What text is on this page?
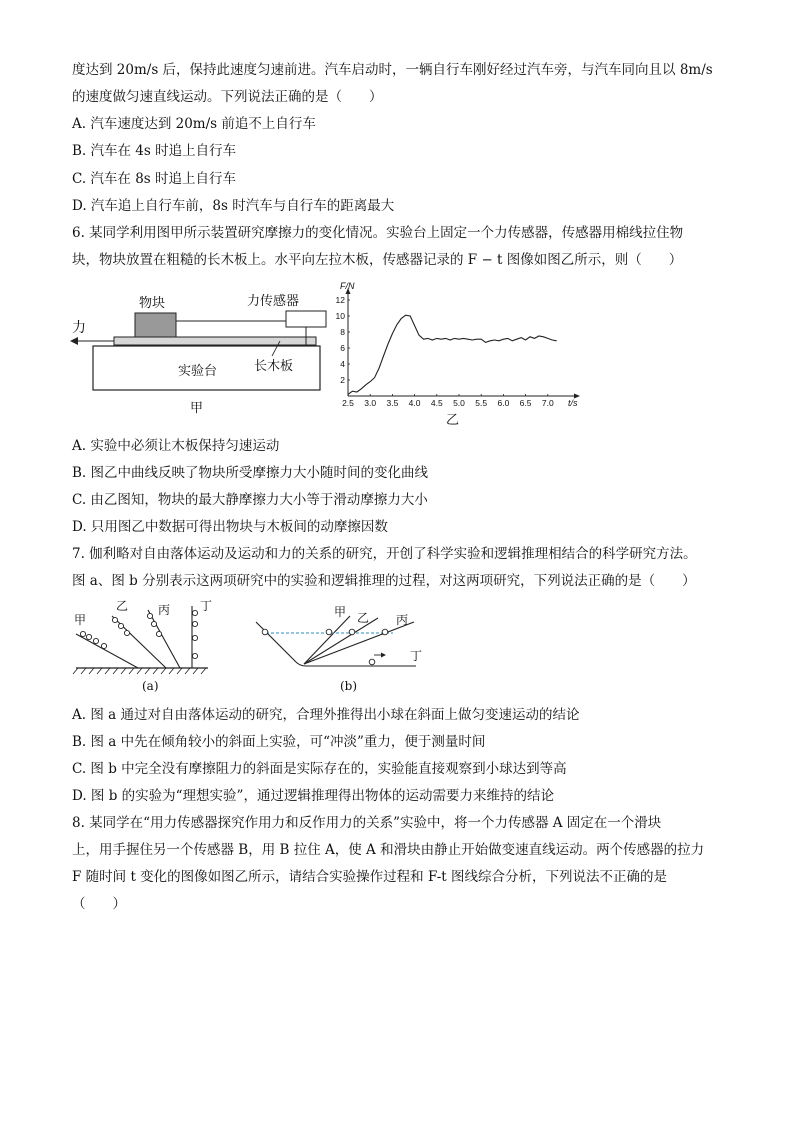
度达到 20m/s 后，保持此速度匀速前进。汽车启动时，一辆自行车刚好经过汽车旁，与汽车同向且以 8m/s
的速度做匀速直线运动。下列说法正确的是（　　）
A. 汽车速度达到 20m/s 前追不上自行车
B. 汽车在 4s 时追上自行车
C. 汽车在 8s 时追上自行车
D. 汽车追上自行车前，8s 时汽车与自行车的距离最大
6. 某同学利用图甲所示装置研究摩擦力的变化情况。实验台上固定一个力传感器，传感器用棉线拉住物
块，物块放置在粗糙的长木板上。水平向左拉木板，传感器记录的 F − t 图像如图乙所示，则（　　）
实验台	长木板
物块	力传感器
力
甲	2.5 3.0 3.5 4.0 4.5 5.0 5.5 6.0 6.5 7.0
2
4
6
8
10
12
F/N
t/s
乙
A. 实验中必须让木板保持匀速运动
B. 图乙中曲线反映了物块所受摩擦力大小随时间的变化曲线
C. 由乙图知，物块的最大静摩擦力大小等于滑动摩擦力大小
D. 只用图乙中数据可得出物块与木板间的动摩擦因数
7. 伽利略对自由落体运动及运动和力的关系的研究，开创了科学实验和逻辑推理相结合的科学研究方法。
图 a、图 b 分别表示这两项研究中的实验和逻辑推理的过程，对这两项研究，下列说法正确的是（　　）
甲
乙 丙 丁
(a)
甲 乙 丙
丁
(b)
A. 图 a 通过对自由落体运动的研究，合理外推得出小球在斜面上做匀变速运动的结论
B. 图 a 中先在倾角较小的斜面上实验，可“冲淡”重力，便于测量时间
C. 图 b 中完全没有摩擦阻力的斜面是实际存在的，实验能直接观察到小球达到等高
D. 图 b 的实验为“理想实验”，通过逻辑推理得出物体的运动需要力来维持的结论
8. 某同学在“用力传感器探究作用力和反作用力的关系”实验中，将一个力传感器 A 固定在一个滑块
上，用手握住另一个传感器 B，用 B 拉住 A，使 A 和滑块由静止开始做变速直线运动。两个传感器的拉力
F 随时间 t 变化的图像如图乙所示，请结合实验操作过程和 F-t 图线综合分析，下列说法不正确的是
（　　）
